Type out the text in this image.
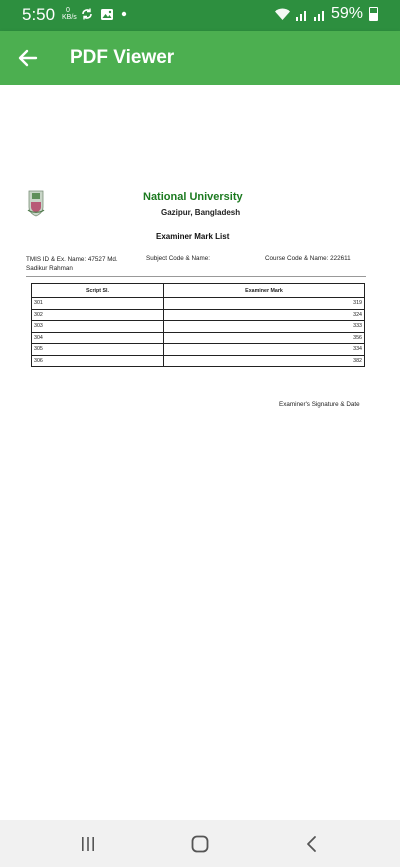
5:50	0
KB/s	59%
PDF Viewer
National University
Gazipur, Bangladesh
Examiner Mark List
TMIS ID & Ex. Name: 47527 Md. Sadikur Rahman
Subject Code & Name:	Course Code & Name: 222611
Script Sl.	Examiner Mark
301	319
302	324
303	333
304	356
305	334
306	382
Examiner's Signature & Date
